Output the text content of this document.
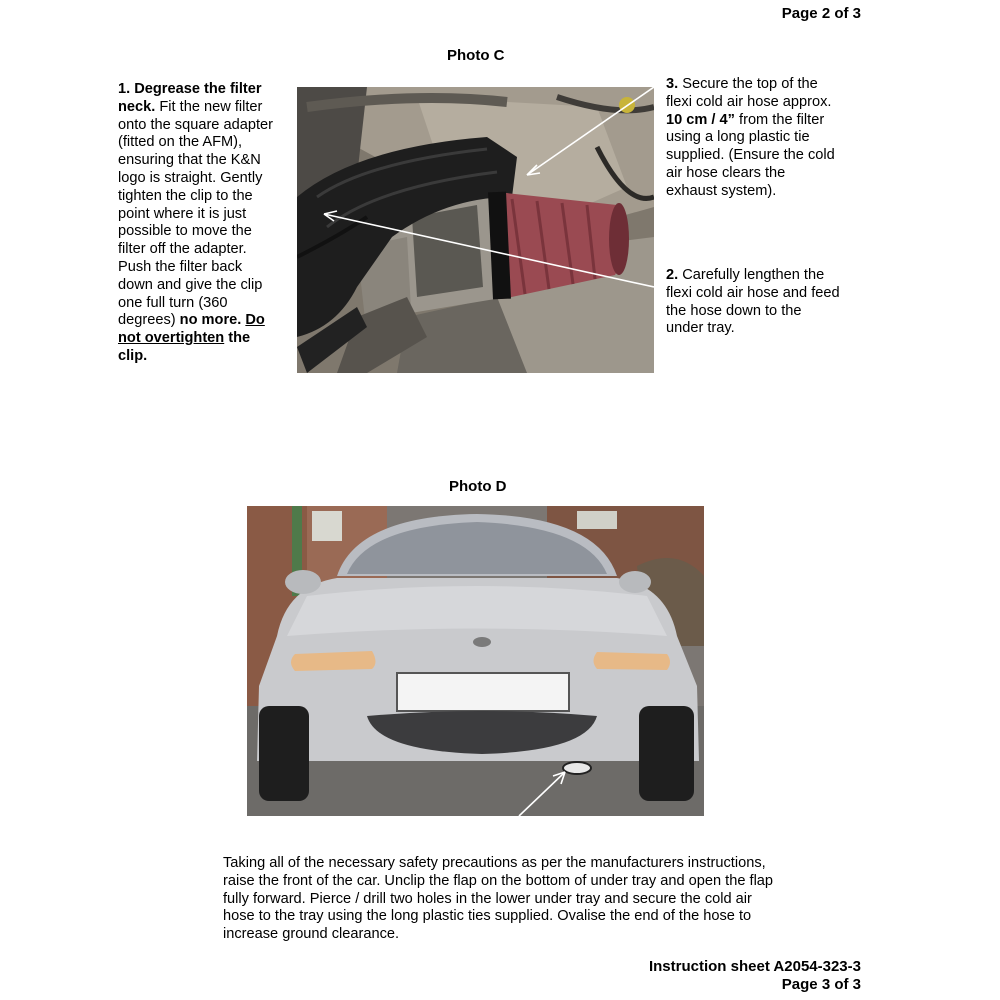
Page 2 of 3
Photo C
1. Degrease the filter neck. Fit the new filter onto the square adapter (fitted on the AFM), ensuring that the K&N logo is straight. Gently tighten the clip to the point where it is just possible to move the filter off the adapter. Push the filter back down and give the clip one full turn (360 degrees) no more. Do not overtighten the clip.
3. Secure the top of the flexi cold air hose approx. 10 cm / 4” from the filter using a long plastic tie supplied. (Ensure the cold air hose clears the exhaust system).
2. Carefully lengthen the flexi cold air hose and feed the hose down to the under tray.
Photo D
Taking all of the necessary safety precautions as per the manufacturers instructions, raise the front of the car. Unclip the flap on the bottom of under tray and open the flap fully forward. Pierce / drill two holes in the lower under tray and secure the cold air hose to the tray using the long plastic ties supplied. Ovalise the end of the hose to increase ground clearance.
Instruction sheet A2054-323-3
Page 3 of 3
